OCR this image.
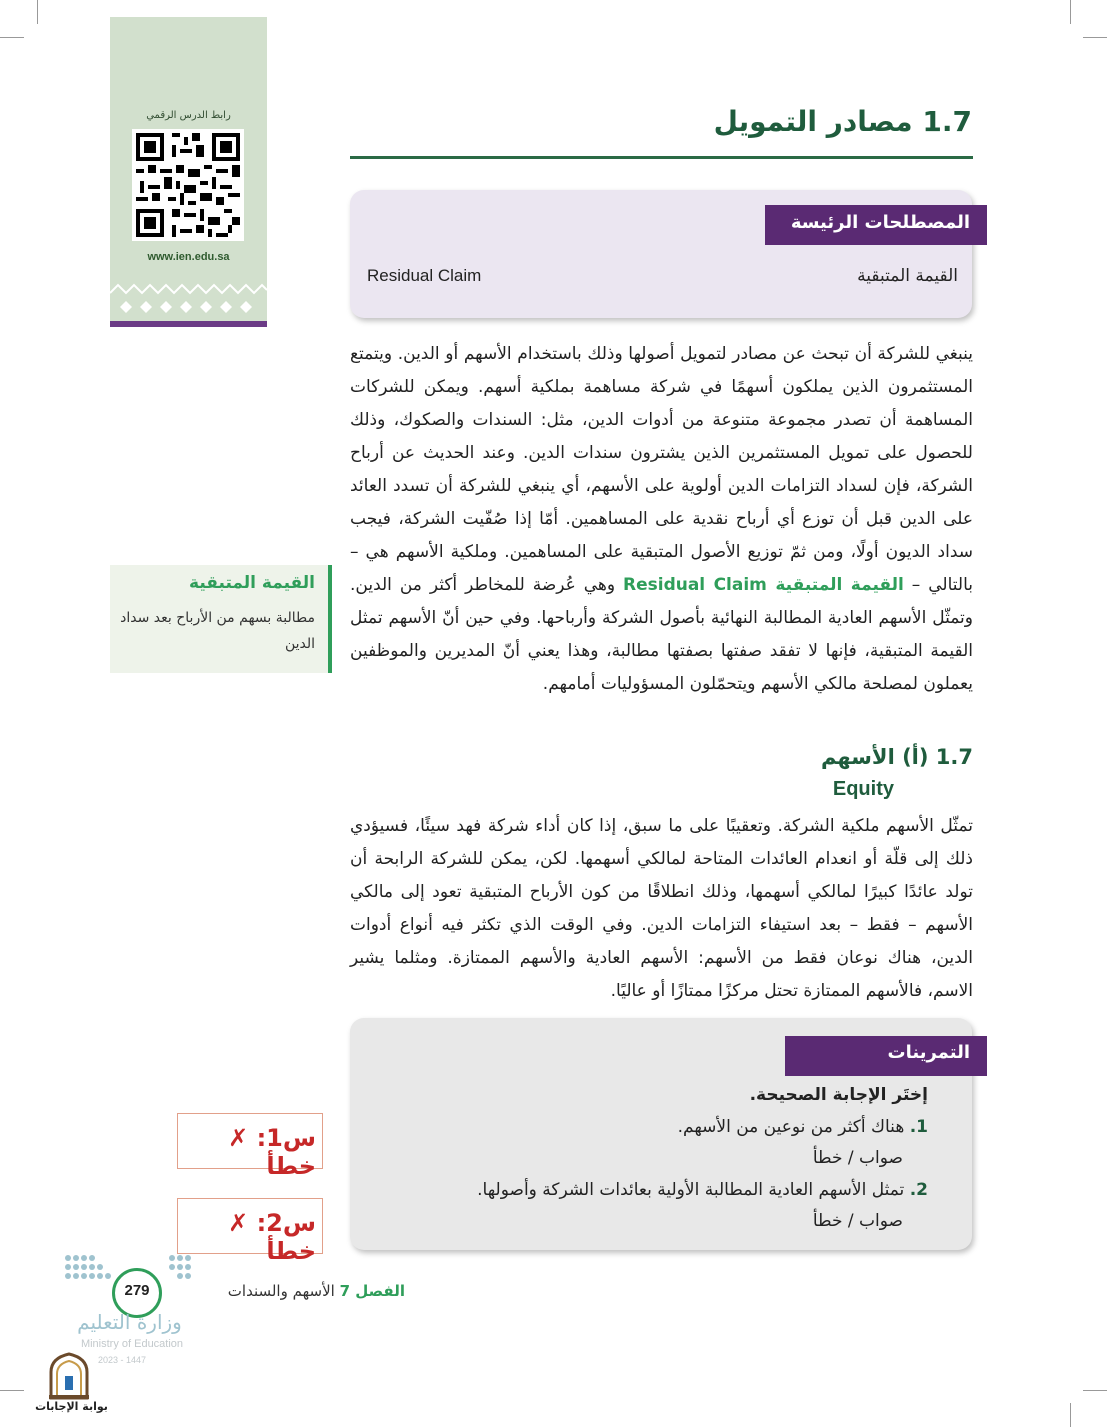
رابط الدرس الرقمي
www.ien.edu.sa
1.7 مصادر التمويل
المصطلحات الرئيسة
القيمة المتبقية
Residual Claim
ينبغي للشركة أن تبحث عن مصادر لتمويل أصولها وذلك باستخدام الأسهم أو الدين. ويتمتع المستثمرون الذين يملكون أسهمًا في شركة مساهمة بملكية أسهم. ويمكن للشركات المساهمة أن تصدر مجموعة متنوعة من أدوات الدين، مثل: السندات والصكوك، وذلك للحصول على تمويل المستثمرين الذين يشترون سندات الدين. وعند الحديث عن أرباح الشركة، فإن لسداد التزامات الدين أولوية على الأسهم، أي ينبغي للشركة أن تسدد العائد على الدين قبل أن توزع أي أرباح نقدية على المساهمين. أمّا إذا صُفّيت الشركة، فيجب سداد الديون أولًا، ومن ثمّ توزيع الأصول المتبقية على المساهمين. وملكية الأسهم هي – بالتالي – القيمة المتبقية Residual Claim وهي عُرضة للمخاطر أكثر من الدين. وتمثّل الأسهم العادية المطالبة النهائية بأصول الشركة وأرباحها. وفي حين أنّ الأسهم تمثل القيمة المتبقية، فإنها لا تفقد صفتها بصفتها مطالبة، وهذا يعني أنّ المديرين والموظفين يعملون لمصلحة مالكي الأسهم ويتحمّلون المسؤوليات أمامهم.
القيمة المتبقية
مطالبة بسهم من الأرباح بعد سداد الدين
1.7 (أ) الأسهم
Equity
تمثّل الأسهم ملكية الشركة. وتعقيبًا على ما سبق، إذا كان أداء شركة فهد سيئًا، فسيؤدي ذلك إلى قلّة أو انعدام العائدات المتاحة لمالكي أسهمها. لكن، يمكن للشركة الرابحة أن تولد عائدًا كبيرًا لمالكي أسهمها، وذلك انطلاقًا من كون الأرباح المتبقية تعود إلى مالكي الأسهم – فقط – بعد استيفاء التزامات الدين. وفي الوقت الذي تكثر فيه أنواع أدوات الدين، هناك نوعان فقط من الأسهم: الأسهم العادية والأسهم الممتازة. ومثلما يشير الاسم، فالأسهم الممتازة تحتل مركزًا ممتازًا أو عاليًا.
التمرينات
إختَر الإجابة الصحيحة.
1. هناك أكثر من نوعين من الأسهم.
صواب / خطأ
2. تمثل الأسهم العادية المطالبة الأولية بعائدات الشركة وأصولها.
صواب / خطأ
س1: ✗ خطأ
س2: ✗ خطأ
279	الفصل 7 الأسهم والسندات
وزارة التعليم
Ministry of Education
2023 - 1447
بوابة الإجابات
